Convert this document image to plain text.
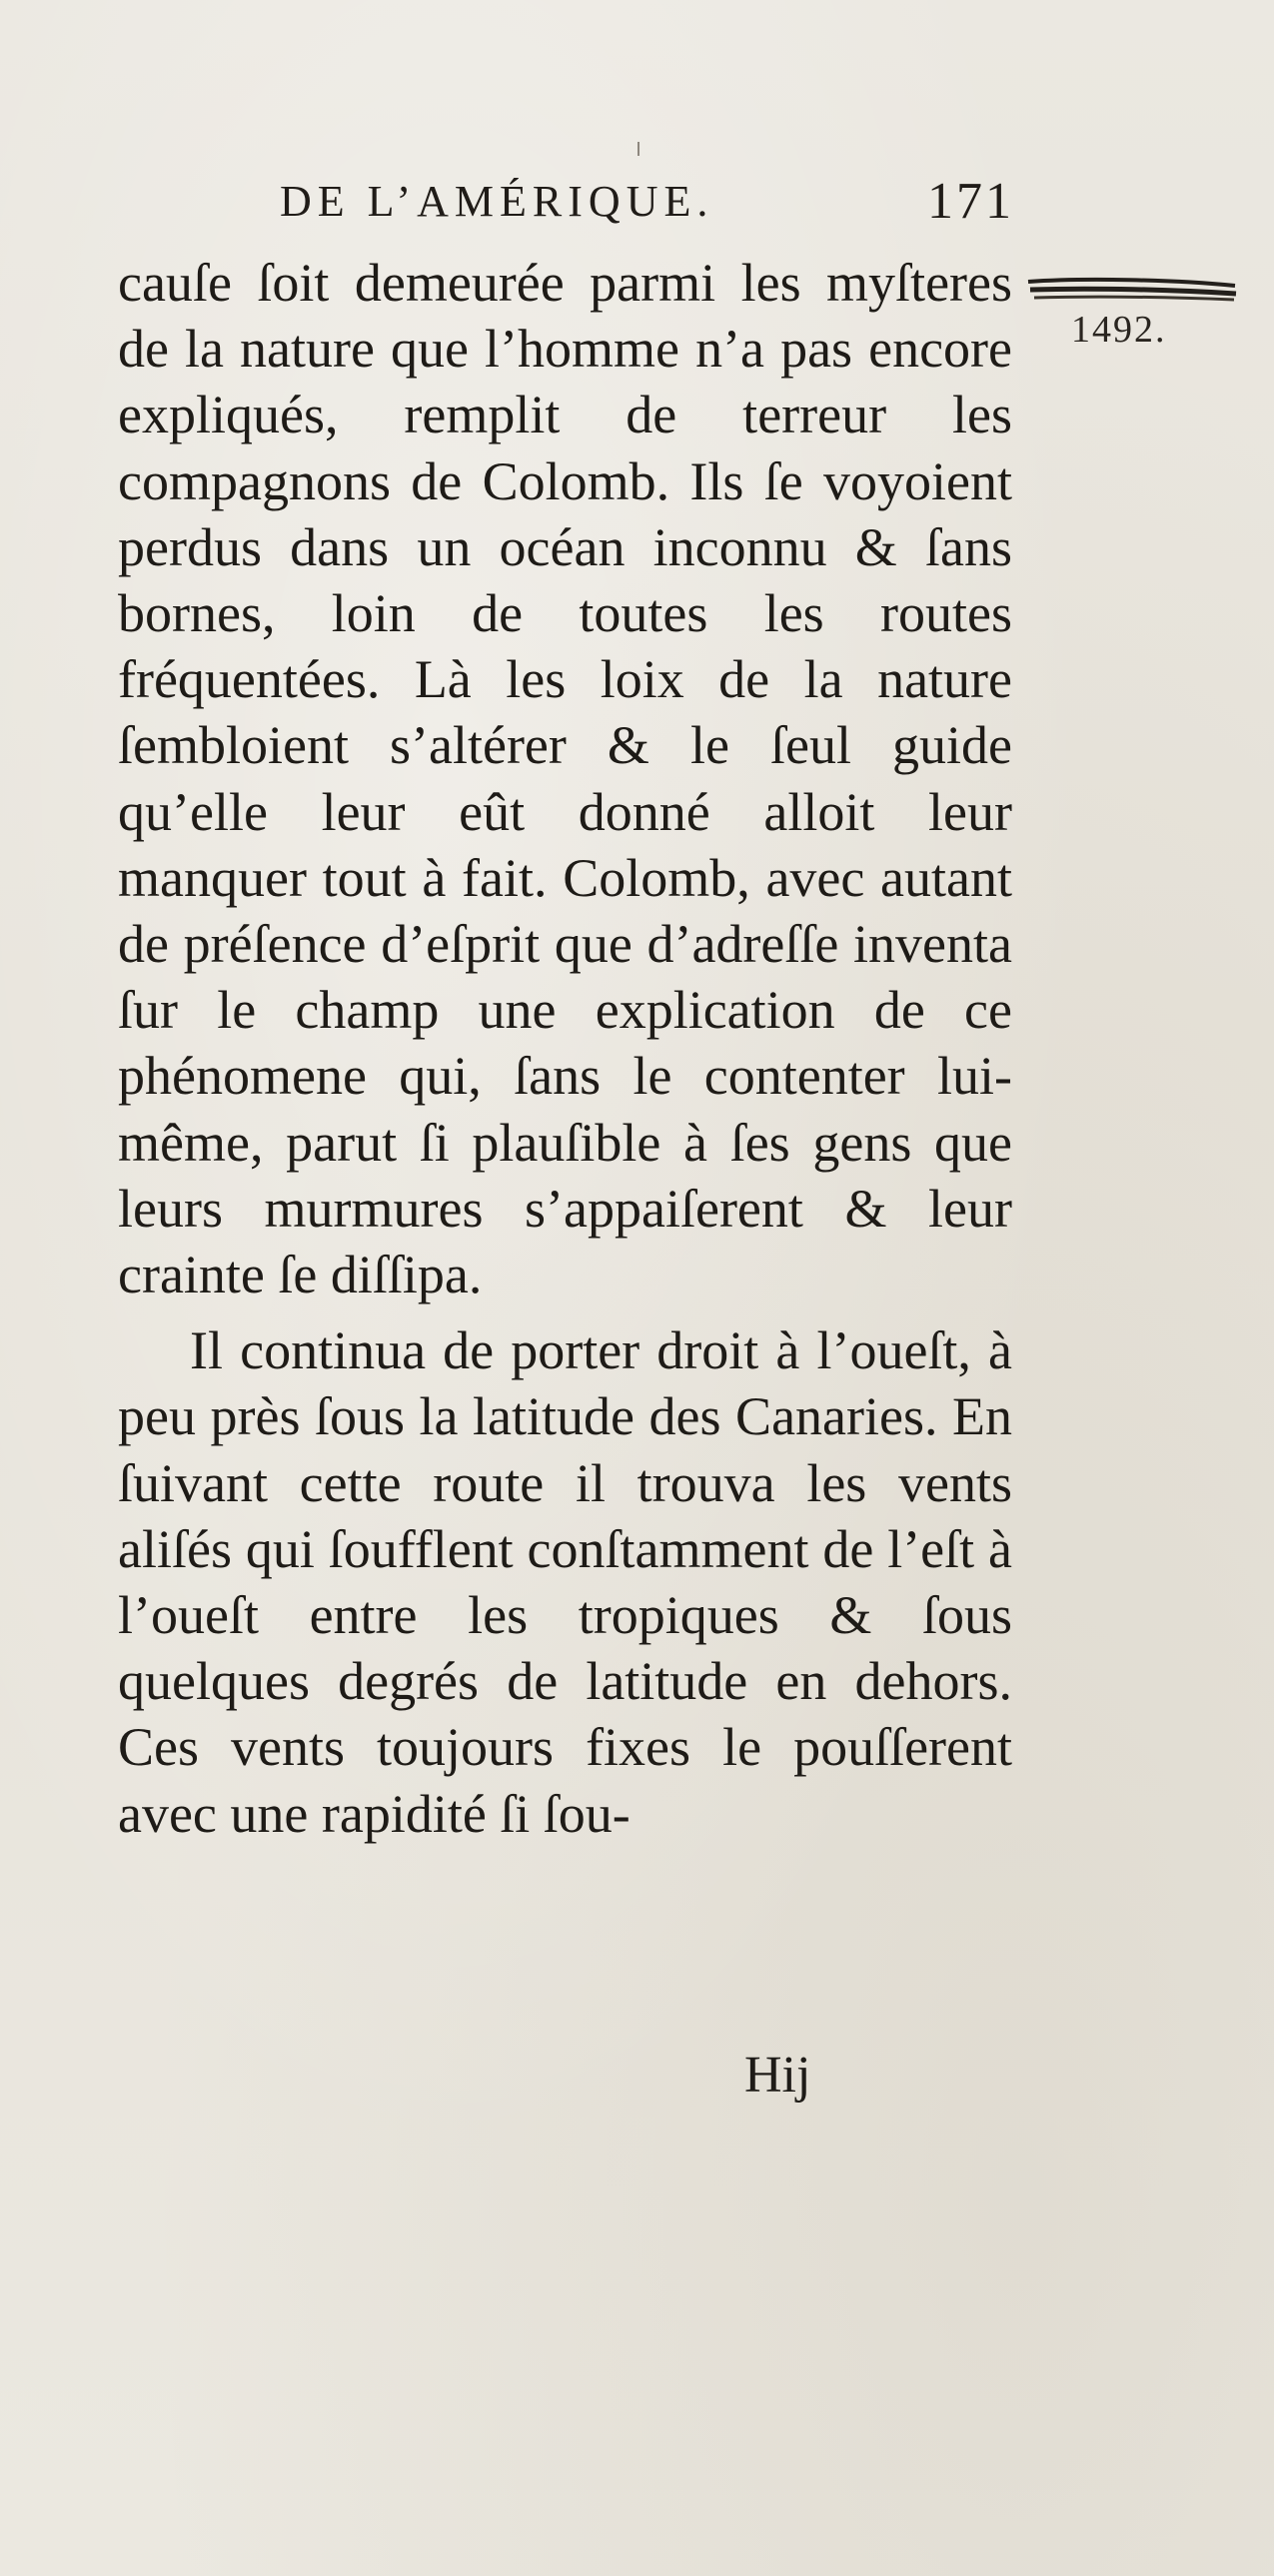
DE L’AMÉRIQUE.	171
1492.

cauſe ſoit demeurée parmi les myſteres de la nature que l’homme n’a pas encore expliqués, remplit de terreur les compagnons de Colomb. Ils ſe voyoient perdus dans un océan inconnu & ſans bornes, loin de toutes les routes fréquentées. Là les loix de la nature ſembloient s’altérer & le ſeul guide qu’elle leur eût donné alloit leur manquer tout à fait. Colomb, avec autant de préſence d’eſprit que d’adreſſe inventa ſur le champ une explication de ce phénomene qui, ſans le contenter lui-même, parut ſi plauſible à ſes gens que leurs murmures s’appaiſerent & leur crainte ſe diſſipa.

Il continua de porter droit à l’oueſt, à peu près ſous la latitude des Canaries. En ſuivant cette route il trouva les vents aliſés qui ſoufflent conſtamment de l’eſt à l’oueſt entre les tropiques & ſous quelques degrés de latitude en dehors. Ces vents toujours fixes le pouſſerent avec une rapidité ſi ſou-

Hij
